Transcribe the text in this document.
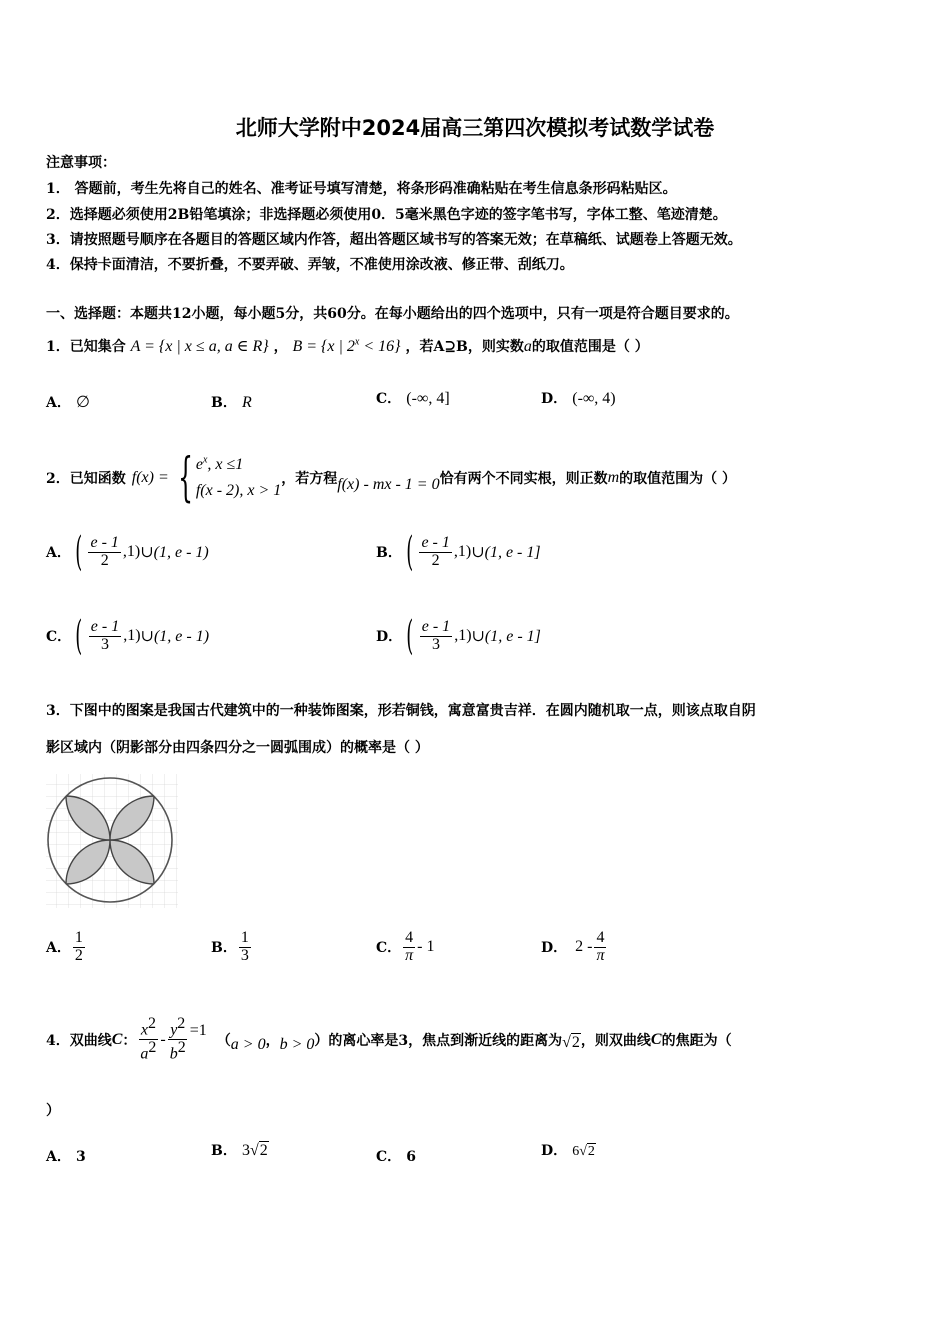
北师大学附中2024届高三第四次模拟考试数学试卷
注意事项：
1． 答题前，考生先将自己的姓名、准考证号填写清楚，将条形码准确粘贴在考生信息条形码粘贴区。
2．选择题必须使用2B铅笔填涂；非选择题必须使用0．5毫米黑色字迹的签字笔书写，字体工整、笔迹清楚。
3．请按照题号顺序在各题目的答题区域内作答，超出答题区域书写的答案无效；在草稿纸、试题卷上答题无效。
4．保持卡面清洁，不要折叠，不要弄破、弄皱，不准使用涂改液、修正带、刮纸刀。
一、选择题：本题共12小题，每小题5分，共60分。在每小题给出的四个选项中，只有一项是符合题目要求的。
1．已知集合 A = {x | x ≤ a, a ∈ R} ， B = {x | $2^x < 16$} ，若A⊇B，则实数a的取值范围是（ ）
A． ∅	B． R	C． (-∞, 4]	D． (-∞, 4)
2．已知函数 f(x) = { $e^x$, x ≤1
f(x - 2), x > 1
，若方程 f(x) - mx - 1 = 0 恰有两个不同实根，则正数 m 的取值范围为（ ）
A． ( $\frac{e - 1}{2} ,1$) ∪(1, e - 1)	B． ( $\frac{e - 1}{2} ,1$) ∪(1, e - 1]
C． ( $\frac{e - 1}{3} ,1$) ∪(1, e - 1)	D． ( $\frac{e - 1}{3} ,1$) ∪(1, e - 1]
3．下图中的图案是我国古代建筑中的一种装饰图案，形若铜钱，寓意富贵吉祥．在圆内随机取一点，则该点取自阴
影区域内（阴影部分由四条四分之一圆弧围成）的概率是（ ）
A． $\frac{1}{2}$	B． $\frac{1}{3}$	C． $\frac{4}{\pi} - 1$	D． $2 - \frac{4}{\pi}$
4．双曲线 C ： $\frac{x^2}{a^2} - \frac{y^2}{b^2} =1$
（ a > 0 ， b > 0 ） 的离心率是3，焦点到渐近线的距离为 √2 ，则双曲线 C 的焦距为（
）
A． 3	B． 3√2	C． 6	D． 6√2
